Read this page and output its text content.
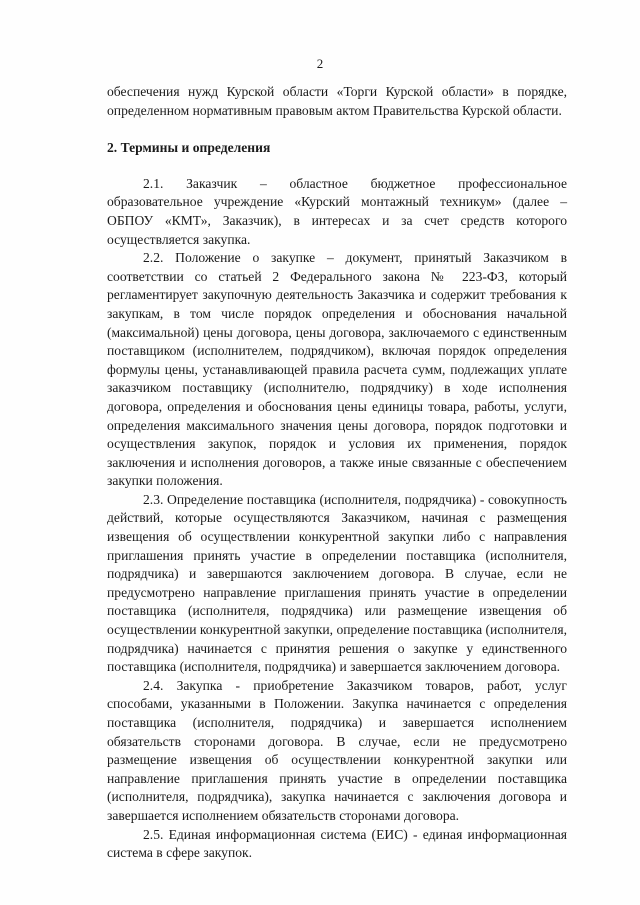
2

обеспечения нужд Курской области «Торги Курской области» в порядке, определенном нормативным правовым актом Правительства Курской области.

2. Термины и определения

2.1. Заказчик – областное бюджетное профессиональное образовательное учреждение «Курский монтажный техникум» (далее – ОБПОУ «КМТ», Заказчик), в интересах и за счет средств которого осуществляется закупка.

2.2. Положение о закупке – документ, принятый Заказчиком в соответствии со статьей 2 Федерального закона № 223-ФЗ, который регламентирует закупочную деятельность Заказчика и содержит требования к закупкам, в том числе порядок определения и обоснования начальной (максимальной) цены договора, цены договора, заключаемого с единственным поставщиком (исполнителем, подрядчиком), включая порядок определения формулы цены, устанавливающей правила расчета сумм, подлежащих уплате заказчиком поставщику (исполнителю, подрядчику) в ходе исполнения договора, определения и обоснования цены единицы товара, работы, услуги, определения максимального значения цены договора, порядок подготовки и осуществления закупок, порядок и условия их применения, порядок заключения и исполнения договоров, а также иные связанные с обеспечением закупки положения.

2.3. Определение поставщика (исполнителя, подрядчика) - совокупность действий, которые осуществляются Заказчиком, начиная с размещения извещения об осуществлении конкурентной закупки либо с направления приглашения принять участие в определении поставщика (исполнителя, подрядчика) и завершаются заключением договора. В случае, если не предусмотрено направление приглашения принять участие в определении поставщика (исполнителя, подрядчика) или размещение извещения об осуществлении конкурентной закупки, определение поставщика (исполнителя, подрядчика) начинается с принятия решения о закупке у единственного поставщика (исполнителя, подрядчика) и завершается заключением договора.

2.4. Закупка - приобретение Заказчиком товаров, работ, услуг способами, указанными в Положении. Закупка начинается с определения поставщика (исполнителя, подрядчика) и завершается исполнением обязательств сторонами договора. В случае, если не предусмотрено размещение извещения об осуществлении конкурентной закупки или направление приглашения принять участие в определении поставщика (исполнителя, подрядчика), закупка начинается с заключения договора и завершается исполнением обязательств сторонами договора.

2.5. Единая информационная система (ЕИС) - единая информационная система в сфере закупок.
